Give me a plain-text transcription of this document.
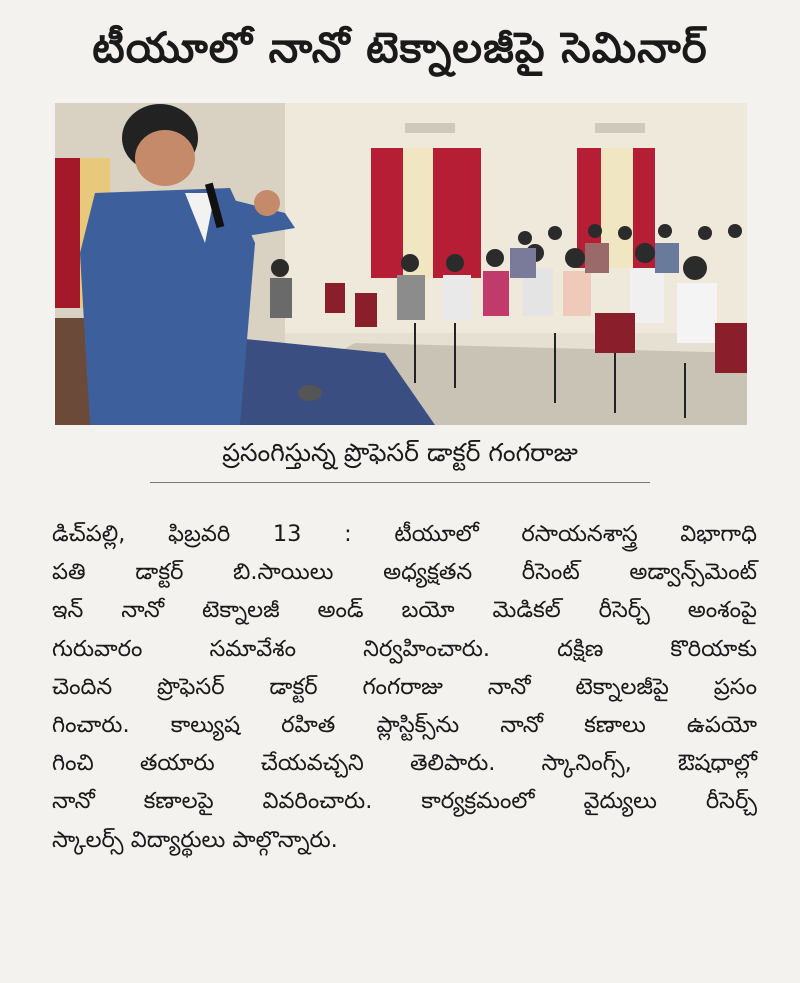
టీయూలో నానో టెక్నాలజీపై సెమినార్
ప్రసంగిస్తున్న ప్రొఫెసర్ డాక్టర్ గంగరాజు
డిచ్‌పల్లి, ఫిబ్రవరి 13 : టీయూలో రసాయనశాస్త్ర విభాగాధి
పతి డాక్టర్ బి.సాయిలు అధ్యక్షతన రీసెంట్ అడ్వాన్స్‌మెంట్
ఇన్ నానో టెక్నాలజీ అండ్ బయో మెడికల్ రీసెర్చ్ అంశంపై
గురువారం సమావేశం నిర్వహించారు. దక్షిణ కొరియాకు
చెందిన ప్రొఫెసర్ డాక్టర్ గంగరాజు నానో టెక్నాలజీపై ప్రసం
గించారు. కాల్యుష రహిత ప్లాస్టిక్స్‌ను నానో కణాలు ఉపయో
గించి తయారు చేయవచ్చని తెలిపారు. స్కానింగ్స్, ఔషధాల్లో
నానో కణాలపై వివరించారు. కార్యక్రమంలో వైద్యులు రీసెర్చ్
స్కాలర్స్ విద్యార్థులు పాల్గొన్నారు.
